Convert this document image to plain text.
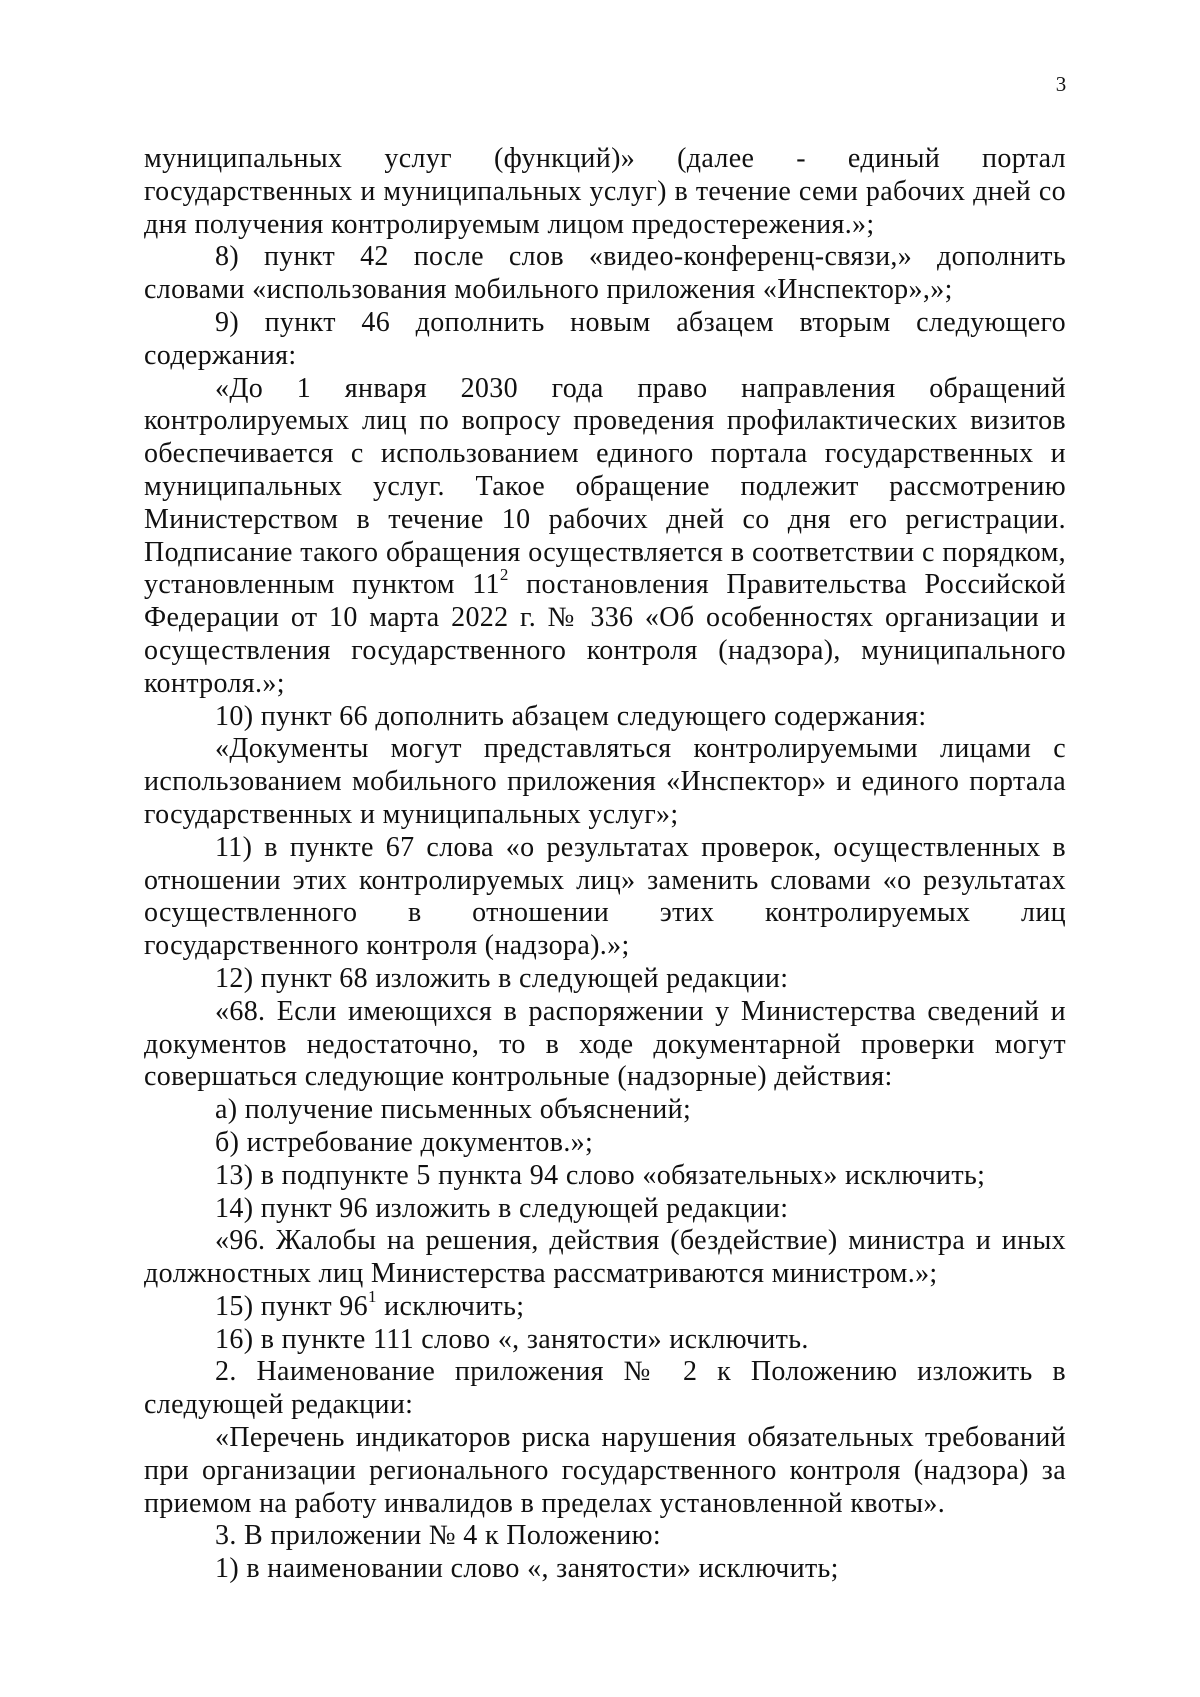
3

муниципальных услуг (функций)» (далее - единый портал государственных и муниципальных услуг) в течение семи рабочих дней со дня получения контролируемым лицом предостережения.»;

8) пункт 42 после слов «видео-конференц-связи,» дополнить словами «использования мобильного приложения «Инспектор»,»;

9) пункт 46 дополнить новым абзацем вторым следующего содержания:

«До 1 января 2030 года право направления обращений контролируемых лиц по вопросу проведения профилактических визитов обеспечивается с использованием единого портала государственных и муниципальных услуг. Такое обращение подлежит рассмотрению Министерством в течение 10 рабочих дней со дня его регистрации. Подписание такого обращения осуществляется в соответствии с порядком, установленным пунктом $11^2$ постановления Правительства Российской Федерации от 10 марта 2022 г. № 336 «Об особенностях организации и осуществления государственного контроля (надзора), муниципального контроля.»;

10) пункт 66 дополнить абзацем следующего содержания:

«Документы могут представляться контролируемыми лицами с использованием мобильного приложения «Инспектор» и единого портала государственных и муниципальных услуг»;

11) в пункте 67 слова «о результатах проверок, осуществленных в отношении этих контролируемых лиц» заменить словами «о результатах осуществленного в отношении этих контролируемых лиц государственного контроля (надзора).»;

12) пункт 68 изложить в следующей редакции:

«68. Если имеющихся в распоряжении у Министерства сведений и документов недостаточно, то в ходе документарной проверки могут совершаться следующие контрольные (надзорные) действия:

а) получение письменных объяснений;

б) истребование документов.»;

13) в подпункте 5 пункта 94 слово «обязательных» исключить;

14) пункт 96 изложить в следующей редакции:

«96. Жалобы на решения, действия (бездействие) министра и иных должностных лиц Министерства рассматриваются министром.»;

15) пункт $96^1$ исключить;

16) в пункте 111 слово «, занятости» исключить.

2. Наименование приложения № 2 к Положению изложить в следующей редакции:

«Перечень индикаторов риска нарушения обязательных требований при организации регионального государственного контроля (надзора) за приемом на работу инвалидов в пределах установленной квоты».

3. В приложении № 4 к Положению:

1) в наименовании слово «, занятости» исключить;
